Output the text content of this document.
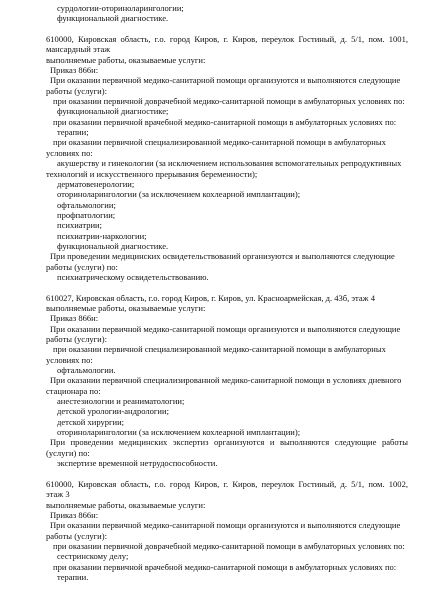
сурдологии-оториноларингологии;
функциональной диагностике.
610000, Кировская область, г.о. город Киров, г. Киров, переулок Гостиный, д. 5/1, пом. 1001,
мансардный этаж
выполняемые работы, оказываемые услуги:
Приказ 866н:
При оказании первичной медико-санитарной помощи организуются и выполняются следующие
работы (услуги):
при оказании первичной доврачебной медико-санитарной помощи в амбулаторных условиях по:
функциональной диагностике;
при оказании первичной врачебной медико-санитарной помощи в амбулаторных условиях по:
терапии;
при оказании первичной специализированной медико-санитарной помощи в амбулаторных
условиях по:
акушерству и гинекологии (за исключением использования вспомогательных репродуктивных
технологий и искусственного прерывания беременности);
дерматовенерологии;
оториноларингологии (за исключением кохлеарной имплантации);
офтальмологии;
профпатологии;
психиатрии;
психиатрии-наркологии;
функциональной диагностике.
При проведении медицинских освидетельствований организуются и выполняются следующие
работы (услуги) по:
психиатрическому освидетельствованию.
610027, Кировская область, г.о. город Киров, г. Киров, ул. Красноармейская, д. 43б, этаж 4
выполняемые работы, оказываемые услуги:
Приказ 866н:
При оказании первичной медико-санитарной помощи организуются и выполняются следующие
работы (услуги):
при оказании первичной специализированной медико-санитарной помощи в амбулаторных
условиях по:
офтальмологии.
При оказании первичной специализированной медико-санитарной помощи в условиях дневного
стационара по:
анестезиологии и реаниматологии;
детской урологии-андрологии;
детской хирургии;
оториноларингологии (за исключением кохлеарной имплантации);
При проведении медицинских экспертиз организуются и выполняются следующие работы
(услуги) по:
экспертизе временной нетрудоспособности.
610000, Кировская область, г.о. город Киров, г. Киров, переулок Гостиный, д. 5/1, пом. 1002,
этаж 3
выполняемые работы, оказываемые услуги:
Приказ 866н:
При оказании первичной медико-санитарной помощи организуются и выполняются следующие
работы (услуги):
при оказании первичной доврачебной медико-санитарной помощи в амбулаторных условиях по:
сестринскому делу;
при оказании первичной врачебной медико-санитарной помощи в амбулаторных условиях по:
терапии.
